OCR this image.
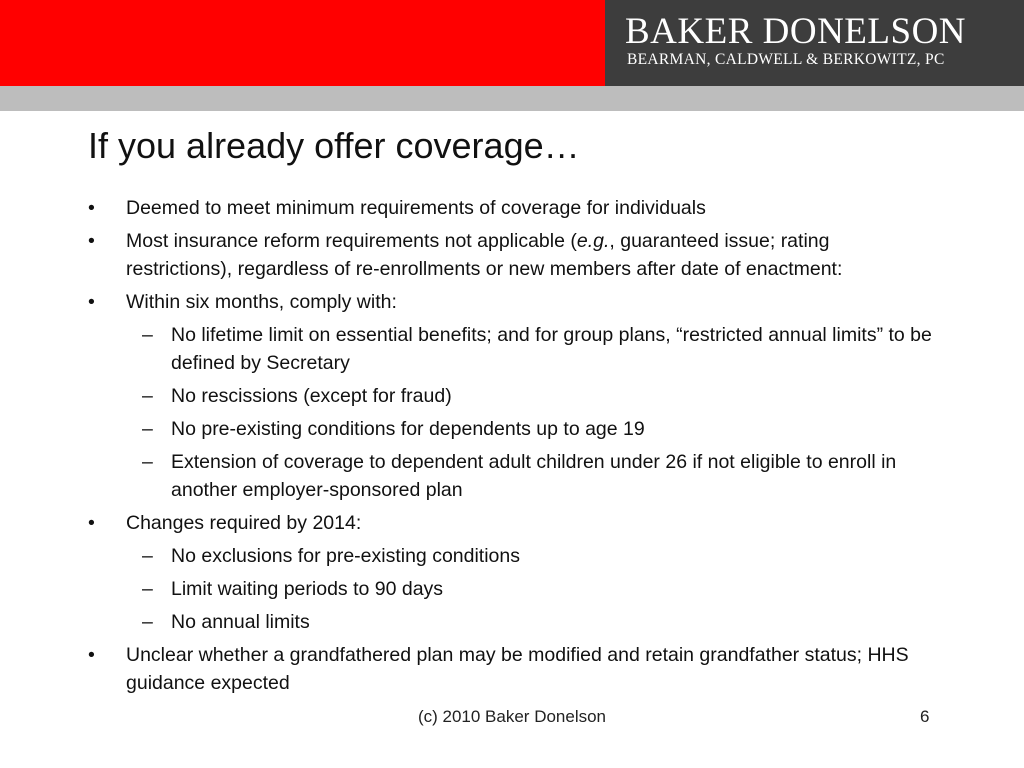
BAKER DONELSON
BEARMAN, CALDWELL & BERKOWITZ, PC
If you already offer coverage…
• Deemed to meet minimum requirements of coverage for individuals
• Most insurance reform requirements not applicable (e.g., guaranteed issue; rating restrictions), regardless of re-enrollments or new members after date of enactment:
• Within six months, comply with:
– No lifetime limit on essential benefits; and for group plans, “restricted annual limits” to be defined by Secretary
– No rescissions (except for fraud)
– No pre-existing conditions for dependents up to age 19
– Extension of coverage to dependent adult children under 26 if not eligible to enroll in another employer-sponsored plan
• Changes required by 2014:
– No exclusions for pre-existing conditions
– Limit waiting periods to 90 days
– No annual limits
• Unclear whether a grandfathered plan may be modified and retain grandfather status; HHS guidance expected
(c) 2010 Baker Donelson	6
